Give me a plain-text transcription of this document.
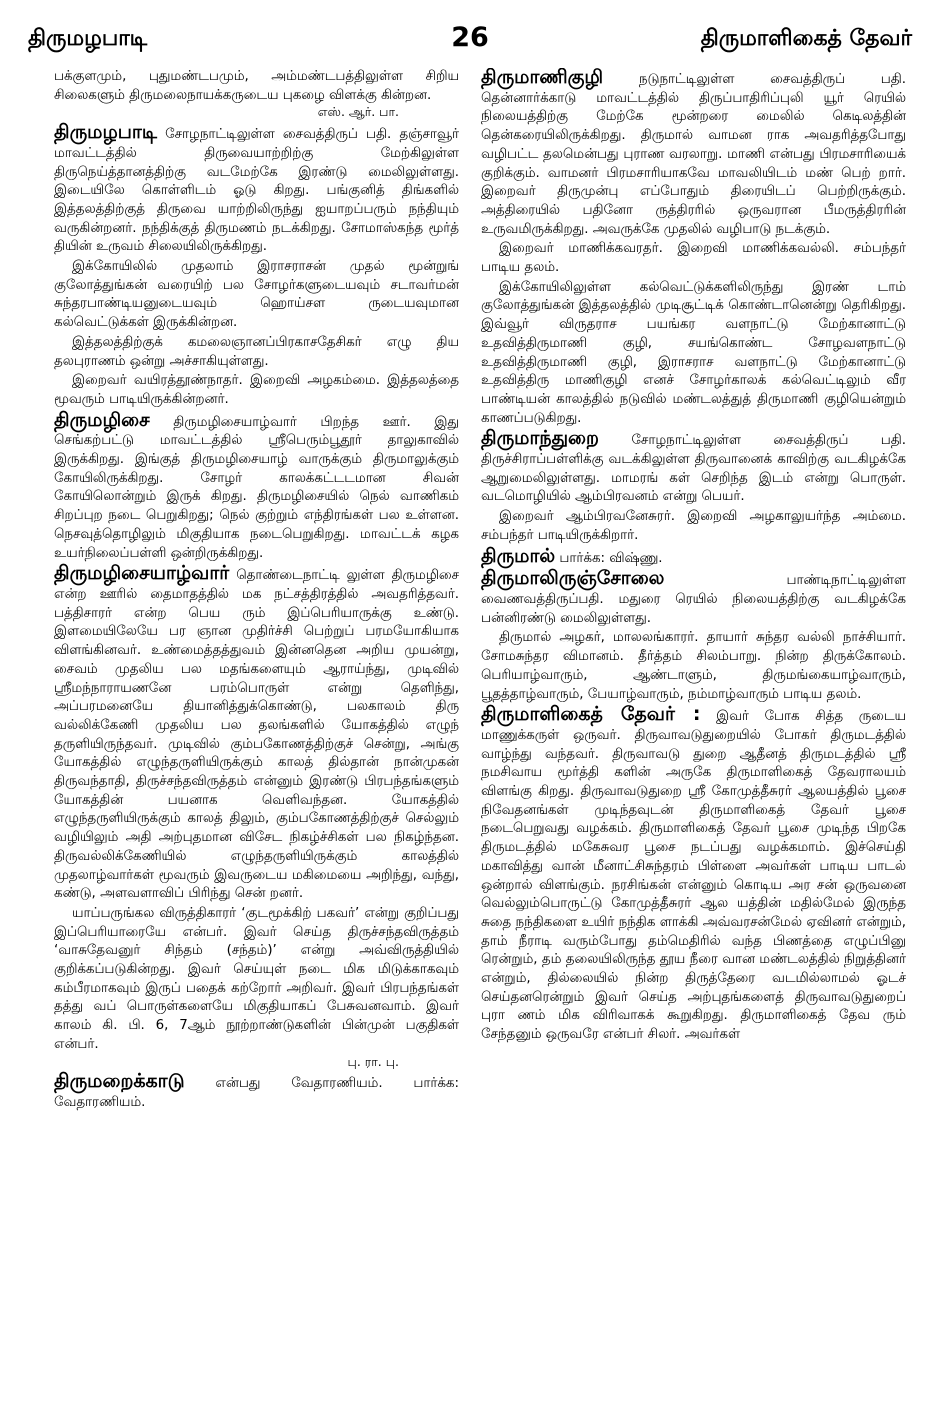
திருமழபாடி	26	திருமாளிகைத் தேவர்

பக்குளமும், புதுமண்டபமும், அம்மண்டபத்திலுள்ள சிறிய சிலைகளும் திருமலைநாயக்கருடைய புகழை விளக்கு கின்றன.
எஸ். ஆர். பா.

திருமழபாடி சோழநாட்டிலுள்ள சைவத்திருப் பதி. தஞ்சாவூர் மாவட்டத்தில் திருவையாற்றிற்கு மேற்கிலுள்ள திருநெய்த்தானத்திற்கு வடமேற்கே இரண்டு மைலிலுள்ளது. இடையிலே கொள்ளிடம் ஓடு கிறது. பங்குனித் திங்களில் இத்தலத்திற்குத் திருவை யாற்றிலிருந்து ஐயாறப்பரும் நந்தியும் வருகின்றனர். நந்திக்குத் திருமணம் நடக்கிறது. சோமாஸ்கந்த மூர்த் தியின் உருவம் சிலையிலிருக்கிறது.

இக்கோயிலில் முதலாம் இராசராசன் முதல் மூன்றுங் குலோத்துங்கன் வரையிற் பல சோழர்களுடையவும் சடாவர்மன் சுந்தரபாண்டியனுடையவும் ஹொய்சள ருடையவுமான கல்வெட்டுக்கள் இருக்கின்றன.

இத்தலத்திற்குக் கமலைஞானப்பிரகாசதேசிகர் எழு திய தலபுராணம் ஒன்று அச்சாகியுள்ளது.

இறைவர் வயிரத்தூண்நாதர். இறைவி அழகம்மை. இத்தலத்தை மூவரும் பாடியிருக்கின்றனர்.

திருமழிசை திருமழிசையாழ்வார் பிறந்த ஊர். இது செங்கற்பட்டு மாவட்டத்தில் ஸ்ரீபெரும்பூதூர் தாலுகாவில் இருக்கிறது. இங்குத் திருமழிசையாழ் வாருக்கும் திருமாலுக்கும் கோயிலிருக்கிறது. சோழர் காலக்கட்டடமான சிவன் கோயிலொன்றும் இருக் கிறது. திருமழிசையில் நெல் வாணிகம் சிறப்புற நடை பெறுகிறது; நெல் குற்றும் எந்திரங்கள் பல உள்ளன. நெசவுத்தொழிலும் மிகுதியாக நடைபெறுகிறது. மாவட்டக் கழக உயர்நிலைப்பள்ளி ஒன்றிருக்கிறது.

திருமழிசையாழ்வார் தொண்டைநாட்டி லுள்ள திருமழிசை என்ற ஊரில் தைமாதத்தில் மக நட்சத்திரத்தில் அவதரித்தவர். பத்திசாரர் என்ற பெய ரும் இப்பெரியாருக்கு உண்டு. இளமையிலேயே பர ஞான முதிர்ச்சி பெற்றுப் பரமயோகியாக விளங்கினவர். உண்மைத்தத்துவம் இன்னதென அறிய முயன்று, சைவம் முதலிய பல மதங்களையும் ஆராய்ந்து, முடிவில் ஸ்ரீமந்நாராயணனே பரம்பொருள் என்று தெளிந்து, அப்பரமனையே தியானித்துக்கொண்டு, பலகாலம் திரு வல்லிக்கேணி முதலிய பல தலங்களில் யோகத்தில் எழுந் தருளியிருந்தவர். முடிவில் கும்பகோணத்திற்குச் சென்று, அங்கு யோகத்தில் எழுந்தருளியிருக்கும் காலத் தில்தான் நான்முகன் திருவந்தாதி, திருச்சந்தவிருத்தம் என்னும் இரண்டு பிரபந்தங்களும் யோகத்தின் பயனாக வெளிவந்தன. யோகத்தில் எழுந்தருளியிருக்கும் காலத் திலும், கும்பகோணத்திற்குச் செல்லும் வழியிலும் அதி அற்புதமான விசேட நிகழ்ச்சிகள் பல நிகழ்ந்தன. திருவல்லிக்கேணியில் எழுந்தருளியிருக்கும் காலத்தில் முதலாழ்வார்கள் மூவரும் இவருடைய மகிமையை அறிந்து, வந்து, கண்டு, அளவளாவிப் பிரிந்து சென் றனர்.

யாப்பருங்கல விருத்திகாரர் ‘குடமூக்கிற் பகவர்’ என்று குறிப்பது இப்பெரியாரையே என்பர். இவர் செய்த திருச்சந்தவிருத்தம் ‘வாசுதேவனுர் சிந்தம் (சந்தம்)’ என்று அவ்விருத்தியில் குறிக்கப்படுகின்றது. இவர் செய்யுள் நடை மிக மிடுக்காகவும் கம்பீரமாகவும் இருப் பதைக் கற்றோர் அறிவர். இவர் பிரபந்தங்கள் தத்து வப் பொருள்களையே மிகுதியாகப் பேசுவனவாம். இவர் காலம் கி. பி. 6, 7ஆம் நூற்றாண்டுகளின் பின்முன் பகுதிகள் என்பர்.
பு. ரா. பு.

திருமறைக்காடு என்பது வேதாரணியம். பார்க்க: வேதாரணியம்.

திருமாணிகுழி நடுநாட்டிலுள்ள சைவத்திருப் பதி. தென்னார்க்காடு மாவட்டத்தில் திருப்பாதிரிப்புலி யூர் ரெயில் நிலையத்திற்கு மேற்கே மூன்றரை மைலில் கெடிலத்தின் தென்கரையிலிருக்கிறது. திருமால் வாமன ராக அவதரித்தபோது வழிபட்ட தலமென்பது புராண வரலாறு. மாணி என்பது பிரமசாரியைக் குறிக்கும். வாமனர் பிரமசாரியாகவே மாவலியிடம் மண் பெற் றார். இறைவர் திருமுன்பு எப்போதும் திரையிடப் பெற்றிருக்கும். அத்திரையில் பதினோ ருத்திரரில் ஒருவரான பீமருத்திரரின் உருவமிருக்கிறது. அவருக்கே முதலில் வழிபாடு நடக்கும்.

இறைவர் மாணிக்கவரதர். இறைவி மாணிக்கவல்லி. சம்பந்தர் பாடிய தலம்.

இக்கோயிலிலுள்ள கல்வெட்டுக்களிலிருந்து இரண் டாம் குலோத்துங்கன் இத்தலத்தில் முடிசூட்டிக் கொண்டானென்று தெரிகிறது. இவ்வூர் விருதராச பயங்கர வளநாட்டு மேற்கானாட்டு உதவித்திருமாணி குழி, சயங்கொண்ட சோழவளநாட்டு உதவித்திருமாணி குழி, இராசராச வளநாட்டு மேற்கானாட்டு உதவித்திரு மாணிகுழி எனச் சோழர்காலக் கல்வெட்டிலும் வீர பாண்டியன் காலத்தில் நடுவில் மண்டலத்துத் திருமாணி குழியென்றும் காணப்படுகிறது.

திருமாந்துறை சோழநாட்டிலுள்ள சைவத்திருப் பதி. திருச்சிராப்பள்ளிக்கு வடக்கிலுள்ள திருவானைக் காவிற்கு வடகிழக்கே ஆறுமைலிலுள்ளது. மாமரங் கள் செறிந்த இடம் என்று பொருள். வடமொழியில் ஆம்பிரவனம் என்று பெயர்.

இறைவர் ஆம்பிரவனேசுரர். இறைவி அழகாலுயர்ந்த அம்மை. சம்பந்தர் பாடியிருக்கிறார்.

திருமால் பார்க்க: விஷ்ணு.

திருமாலிருஞ்சோலை பாண்டிநாட்டிலுள்ள வைணவத்திருப்பதி. மதுரை ரெயில் நிலையத்திற்கு வடகிழக்கே பன்னிரண்டு மைலிலுள்ளது.

திருமால் அழகர், மாலலங்காரர். தாயார் சுந்தர வல்லி நாச்சியார். சோமசுந்தர விமானம். தீர்த்தம் சிலம்பாறு. நின்ற திருக்கோலம். பெரியாழ்வாரும், ஆண்டாளும், திருமங்கையாழ்வாரும், பூதத்தாழ்வாரும், பேயாழ்வாரும், நம்மாழ்வாரும் பாடிய தலம்.

திருமாளிகைத் தேவர் : இவர் போக சித்த ருடைய மாணுக்கருள் ஒருவர். திருவாவடுதுறையில் போகர் திருமடத்தில் வாழ்ந்து வந்தவர். திருவாவடு துறை ஆதீனத் திருமடத்தில் ஸ்ரீ நமசிவாய மூர்த்தி களின் அருகே திருமாளிகைத் தேவராலயம் விளங்கு கிறது. திருவாவடுதுறை ஸ்ரீ கோமுத்தீசுரர் ஆலயத்தில் பூசை நிவேதனங்கள் முடிந்தவுடன் திருமாளிகைத் தேவர் பூசை நடைபெறுவது வழக்கம். திருமாளிகைத் தேவர் பூசை முடிந்த பிறகே திருமடத்தில் மகேசுவர பூசை நடப்பது வழக்கமாம். இச்செய்தி மகாவித்து வான் மீனாட்சிசுந்தரம் பிள்ளை அவர்கள் பாடிய பாடல் ஒன்றால் விளங்கும். நரசிங்கன் என்னும் கொடிய அர சன் ஒருவனை வெல்லும்பொருட்டு கோமுத்தீசுரர் ஆல யத்தின் மதில்மேல் இருந்த சுதை நந்திகளை உயிர் நந்திக ளாக்கி அவ்வரசன்மேல் ஏவினர் என்றும், தாம் நீராடி வரும்போது தம்மெதிரில் வந்த பிணத்தை எழுப்பினு ரென்றும், தம் தலையிலிருந்த தூய நீரை வான மண்டலத்தில் நிறுத்தினர் என்றும், தில்லையில் நின்ற திருத்தேரை வடமில்லாமல் ஓடச் செய்தனரென்றும் இவர் செய்த அற்புதங்களைத் திருவாவடுதுறைப் புரா ணம் மிக விரிவாகக் கூறுகிறது. திருமாளிகைத் தேவ ரும் சேந்தனும் ஒருவரே என்பர் சிலர். அவர்கள்
